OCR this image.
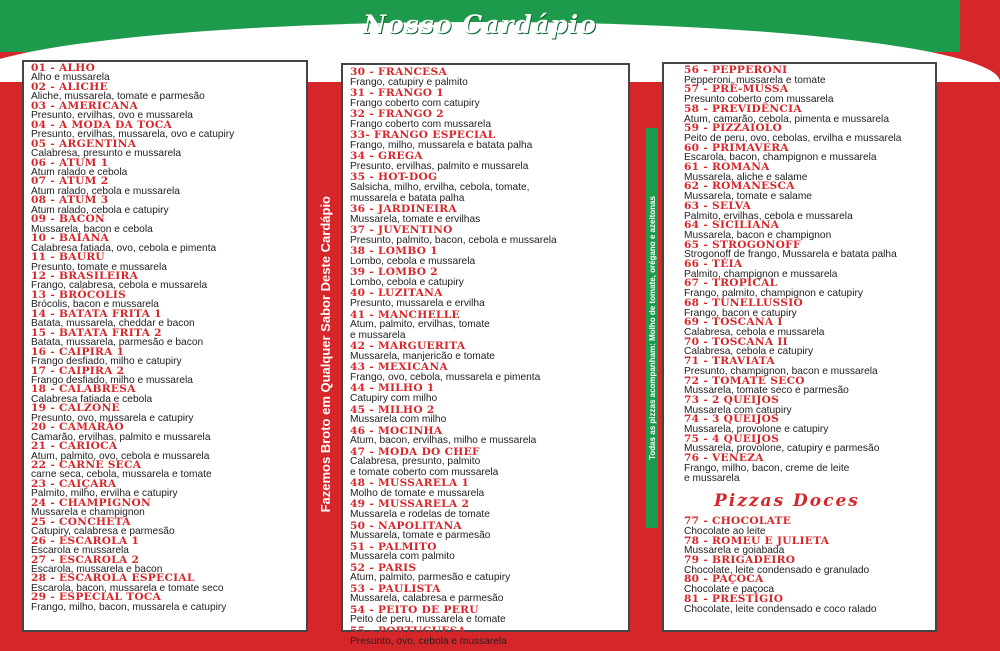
Nosso Cardápio
01 - ALHO
Alho e mussarela
02 - ALICHE
Aliche, mussarela, tomate e parmesão
03 - AMERICANA
Presunto, ervilhas, ovo e mussarela
04 - A MODA DA TOCA
Presunto, ervilhas, mussarela, ovo e catupiry
05 - ARGENTINA
Calabresa, presunto e mussarela
06 - ATUM 1
Atum ralado e cebola
07 - ATUM 2
Atum ralado, cebola e mussarela
08 - ATUM 3
Atum ralado, cebola e catupiry
09 - BACON
Mussarela, bacon e cebola
10 - BAIANA
Calabresa fatiada, ovo, cebola e pimenta
11 - BAURU
Presunto, tomate e mussarela
12 - BRASILEIRA
Frango, calabresa, cebola e mussarela
13 - BRÓCOLIS
Brócolis, bacon e mussarela
14 - BATATA FRITA 1
Batata, mussarela, cheddar e bacon
15 - BATATA FRITA 2
Batata, mussarela, parmesão e bacon
16 - CAIPIRA 1
Frango desfiado, milho e catupiry
17 - CAIPIRA 2
Frango desfiado, milho e mussarela
18 - CALABRESA
Calabresa fatiada e cebola
19 - CALZONE
Presunto, ovo, mussarela e catupiry
20 - CAMARÃO
Camarão, ervilhas, palmito e mussarela
21 - CARIOCA
Atum, palmito, ovo, cebola e mussarela
22 - CARNE SECA
carne seca, cebola, mussarela e tomate
23 - CAIÇARA
Palmito, milho, ervilha e catupiry
24 - CHAMPIGNON
Mussarela e champignon
25 - CONCHETA
Catupiry, calabresa e parmesão
26 - ESCAROLA 1
Escarola e mussarela
27 - ESCAROLA 2
Escarola, mussarela e bacon
28 - ESCAROLA ESPECIAL
Escarola, bacon, mussarela e tomate seco
29 - ESPECIAL TOCA
Frango, milho, bacon, mussarela e catupiry
Fazemos Broto em Qualquer Sabor Deste Cardápio
30 - FRANCESA
Frango, catupiry e palmito
31 - FRANGO 1
Frango coberto com catupiry
32 - FRANGO 2
Frango coberto com mussarela
33- FRANGO ESPECIAL
Frango, milho, mussarela e batata palha
34 - GREGA
Presunto, ervilhas, palmito e mussarela
35 - HOT-DOG
Salsicha, milho, ervilha, cebola, tomate,
mussarela e batata palha
36 - JARDINEIRA
Mussarela, tomate e ervilhas
37 - JUVENTINO
Presunto, palmito, bacon, cebola e mussarela
38 - LOMBO 1
Lombo, cebola e mussarela
39 - LOMBO 2
Lombo, cebola e catupiry
40 - LUZITANA
Presunto, mussarela e ervilha
41 - MANCHELLE
Atum, palmito, ervilhas, tomate
e mussarela
42 - MARGUERITA
Mussarela, manjericão e tomate
43 - MEXICANA
Frango, ovo, cebola, mussarela e pimenta
44 - MILHO 1
Catupiry com milho
45 - MILHO 2
Mussarela com milho
46 - MOCINHA
Atum, bacon, ervilhas, milho e mussarela
47 - MODA DO CHEF
Calabresa, presunto, palmito
e tomate coberto com mussarela
48 - MUSSARELA 1
Molho de tomate e mussarela
49 - MUSSARELA 2
Mussarela e rodelas de tomate
50 - NAPOLITANA
Mussarela, tomate e parmesão
51 - PALMITO
Mussarela com palmito
52 - PARIS
Atum, palmito, parmesão e catupiry
53 - PAULISTA
Mussarela, calabresa e parmesão
54 - PEITO DE PERU
Peito de peru, mussarela e tomate
55 - PORTUGUESA
Presunto, ovo, cebola e mussarela
Todas as pizzas acompanham: Molho de tomate, orégano e azeitonas
56 - PEPPERONI
Pepperoni, mussarela e tomate
57 - PRÉ-MUSSA
Presunto coberto com mussarela
58 - PREVIDÊNCIA
Atum, camarão, cebola, pimenta e mussarela
59 - PIZZAIOLO
Peito de peru, ovo, cebolas, ervilha e mussarela
60 - PRIMAVERA
Escarola, bacon, champignon e mussarela
61 - ROMANA
Mussarela, aliche e salame
62 - ROMANESCA
Mussarela, tomate e salame
63 - SELVA
Palmito, ervilhas, cebola e mussarela
64 - SICILIANA
Mussarela, bacon e champignon
65 - STROGONOFF
Strogonoff de frango, Mussarela e batata palha
66 - TÉIA
Palmito, champignon e mussarela
67 - TROPICAL
Frango, palmito, champignon e catupiry
68 - TUNELLUSSIO
Frango, bacon e catupiry
69 - TOSCANA I
Calabresa, cebola e mussarela
70 - TOSCANA II
Calabresa, cebola e catupiry
71 - TRAVIATA
Presunto, champignon, bacon e mussarela
72 - TOMATE SECO
Mussarela, tomate seco e parmesão
73 - 2 QUEIJOS
Mussarela com catupiry
74 - 3 QUEIJOS
Mussarela, provolone e catupiry
75 - 4 QUEIJOS
Mussarela, provolone, catupiry e parmesão
76 - VENEZA
Frango, milho, bacon, creme de leite
e mussarela
Pizzas Doces
77 - CHOCOLATE
Chocolate ao leite
78 - ROMEU E JULIETA
Mussarela e goiabada
79 - BRIGADEIRO
Chocolate, leite condensado e granulado
80 - PAÇOCA
Chocolate e paçoca
81 - PRESTÍGIO
Chocolate, leite condensado e coco ralado
